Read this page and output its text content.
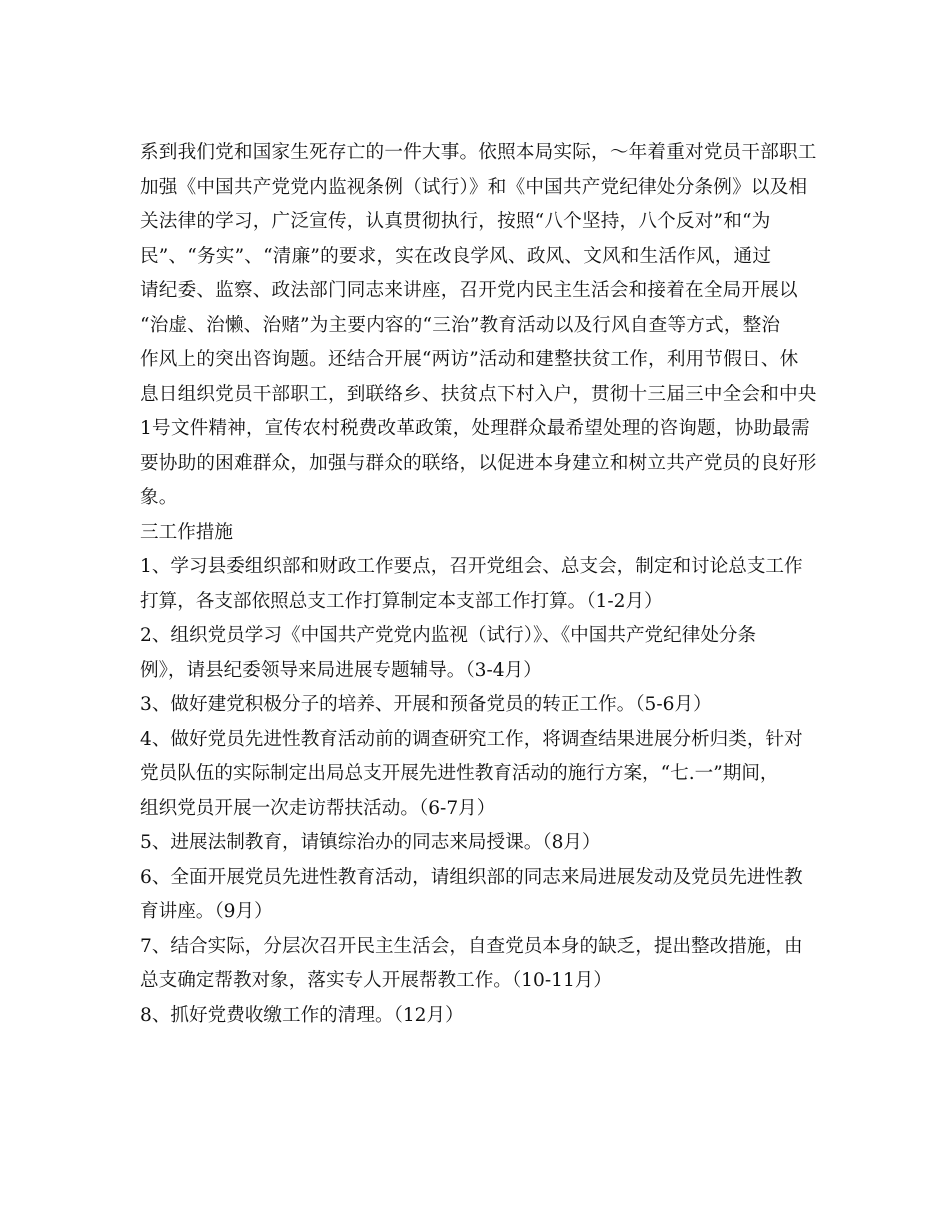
系到我们党和国家生死存亡的一件大事。依照本局实际，～年着重对党员干部职工

加强《中国共产党党内监视条例（试行）》和《中国共产党纪律处分条例》以及相

关法律的学习，广泛宣传，认真贯彻执行，按照“八个坚持，八个反对”和“为

民”、“务实”、“清廉”的要求，实在改良学风、政风、文风和生活作风，通过

请纪委、监察、政法部门同志来讲座，召开党内民主生活会和接着在全局开展以

“治虚、治懒、治赌”为主要内容的“三治”教育活动以及行风自查等方式，整治

作风上的突出咨询题。还结合开展“两访”活动和建整扶贫工作，利用节假日、休

息日组织党员干部职工，到联络乡、扶贫点下村入户，贯彻十三届三中全会和中央

1号文件精神，宣传农村税费改革政策，处理群众最希望处理的咨询题，协助最需

要协助的困难群众，加强与群众的联络，以促进本身建立和树立共产党员的良好形

象。

三工作措施

1、学习县委组织部和财政工作要点，召开党组会、总支会，制定和讨论总支工作

打算，各支部依照总支工作打算制定本支部工作打算。（1-2月）

2、组织党员学习《中国共产党党内监视（试行）》、《中国共产党纪律处分条

例》，请县纪委领导来局进展专题辅导。（3-4月）

3、做好建党积极分子的培养、开展和预备党员的转正工作。（5-6月）

4、做好党员先进性教育活动前的调查研究工作，将调查结果进展分析归类，针对

党员队伍的实际制定出局总支开展先进性教育活动的施行方案，“七.一”期间，

组织党员开展一次走访帮扶活动。（6-7月）

5、进展法制教育，请镇综治办的同志来局授课。（8月）

6、全面开展党员先进性教育活动，请组织部的同志来局进展发动及党员先进性教

育讲座。（9月）

7、结合实际，分层次召开民主生活会，自查党员本身的缺乏，提出整改措施，由

总支确定帮教对象，落实专人开展帮教工作。（10-11月）

8、抓好党费收缴工作的清理。（12月）
